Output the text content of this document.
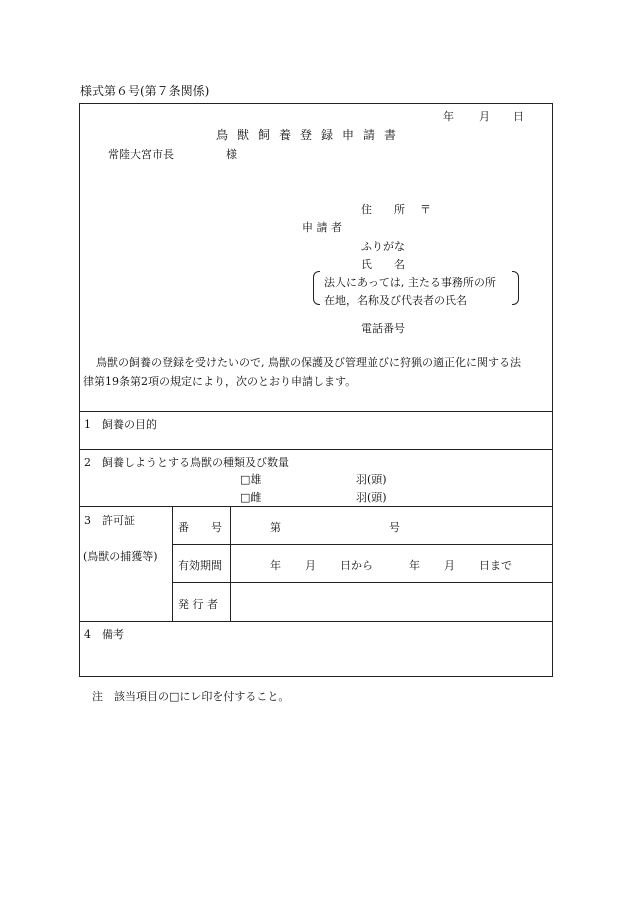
様式第６号(第７条関係)
年 月 日
鳥獣飼養登録申請書
常陸大宮市長	様
住　　所 〒
申 請 者
ふりがな
氏　　名
法人にあっては, 主たる事務所の所
在地，名称及び代表者の氏名
電話番号
鳥獣の飼養の登録を受けたいので, 鳥獣の保護及び管理並びに狩猟の適正化に関する法
律第19条第2項の規定により，次のとおり申請します。
1　飼養の目的
2　飼養しようとする鳥獣の種類及び数量
□雄	羽(頭)
□雌	羽(頭)
3　許可証
(鳥獣の捕獲等)
番　　号	第	号
有効期間	年 月 日から	年 月 日まで
発 行 者
4　備考
注　該当項目の□にレ印を付すること。
